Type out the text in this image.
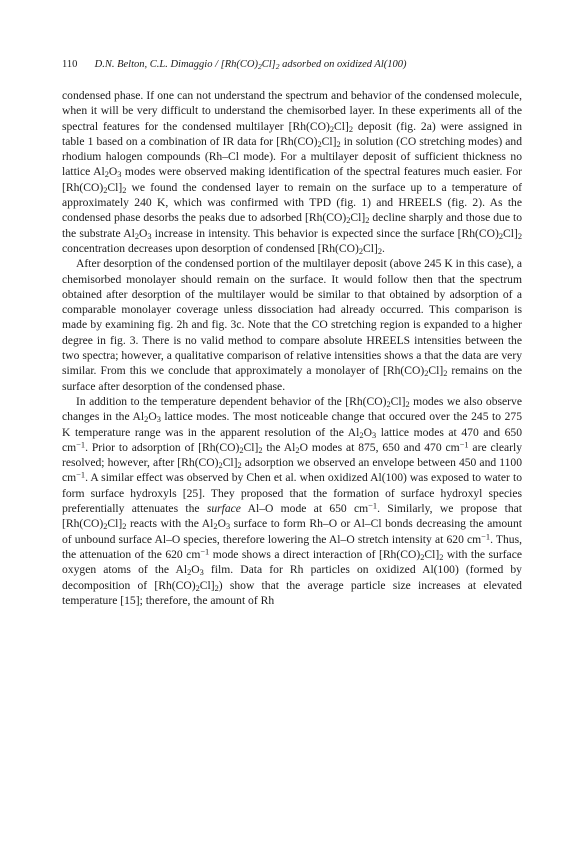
110 D.N. Belton, C.L. Dimaggio / $[Rh(CO)_2Cl]_2$ adsorbed on oxidized Al(100)

condensed phase. If one can not understand the spectrum and behavior of the condensed molecule, when it will be very difficult to understand the chemisorbed layer. In these experiments all of the spectral features for the condensed multilayer $[Rh(CO)_2Cl]_2$ deposit (fig. 2a) were assigned in table 1 based on a combination of IR data for $[Rh(CO)_2Cl]_2$ in solution (CO stretching modes) and rhodium halogen compounds (Rh–Cl mode). For a multilayer deposit of sufficient thickness no lattice $Al_2O_3$ modes were observed making identification of the spectral features much easier. For $[Rh(CO)_2Cl]_2$ we found the condensed layer to remain on the surface up to a temperature of approximately 240 K, which was confirmed with TPD (fig. 1) and HREELS (fig. 2). As the condensed phase desorbs the peaks due to adsorbed $[Rh(CO)_2Cl]_2$ decline sharply and those due to the substrate $Al_2O_3$ increase in intensity. This behavior is expected since the surface $[Rh(CO)_2Cl]_2$ concentration decreases upon desorption of condensed $[Rh(CO)_2Cl]_2$.

After desorption of the condensed portion of the multilayer deposit (above 245 K in this case), a chemisorbed monolayer should remain on the surface. It would follow then that the spectrum obtained after desorption of the multilayer would be similar to that obtained by adsorption of a comparable monolayer coverage unless dissociation had already occurred. This comparison is made by examining fig. 2h and fig. 3c. Note that the CO stretching region is expanded to a higher degree in fig. 3. There is no valid method to compare absolute HREELS intensities between the two spectra; however, a qualitative comparison of relative intensities shows a that the data are very similar. From this we conclude that approximately a monolayer of $[Rh(CO)_2Cl]_2$ remains on the surface after desorption of the condensed phase.

In addition to the temperature dependent behavior of the $[Rh(CO)_2Cl]_2$ modes we also observe changes in the $Al_2O_3$ lattice modes. The most noticeable change that occured over the 245 to 275 K temperature range was in the apparent resolution of the $Al_2O_3$ lattice modes at 470 and 650 $cm^{-1}$. Prior to adsorption of $[Rh(CO)_2Cl]_2$ the $Al_2O$ modes at 875, 650 and 470 $cm^{-1}$ are clearly resolved; however, after $[Rh(CO)_2Cl]_2$ adsorption we observed an envelope between 450 and 1100 $cm^{-1}$. A similar effect was observed by Chen et al. when oxidized Al(100) was exposed to water to form surface hydroxyls [25]. They proposed that the formation of surface hydroxyl species preferentially attenuates the surface Al–O mode at 650 $cm^{-1}$. Similarly, we propose that $[Rh(CO)_2Cl]_2$ reacts with the $Al_2O_3$ surface to form Rh–O or Al–Cl bonds decreasing the amount of unbound surface Al–O species, therefore lowering the Al–O stretch intensity at 620 $cm^{-1}$. Thus, the attenuation of the 620 $cm^{-1}$ mode shows a direct interaction of $[Rh(CO)_2Cl]_2$ with the surface oxygen atoms of the $Al_2O_3$ film. Data for Rh particles on oxidized Al(100) (formed by decomposition of $[Rh(CO)_2Cl]_2$) show that the average particle size increases at elevated temperature [15]; therefore, the amount of Rh
